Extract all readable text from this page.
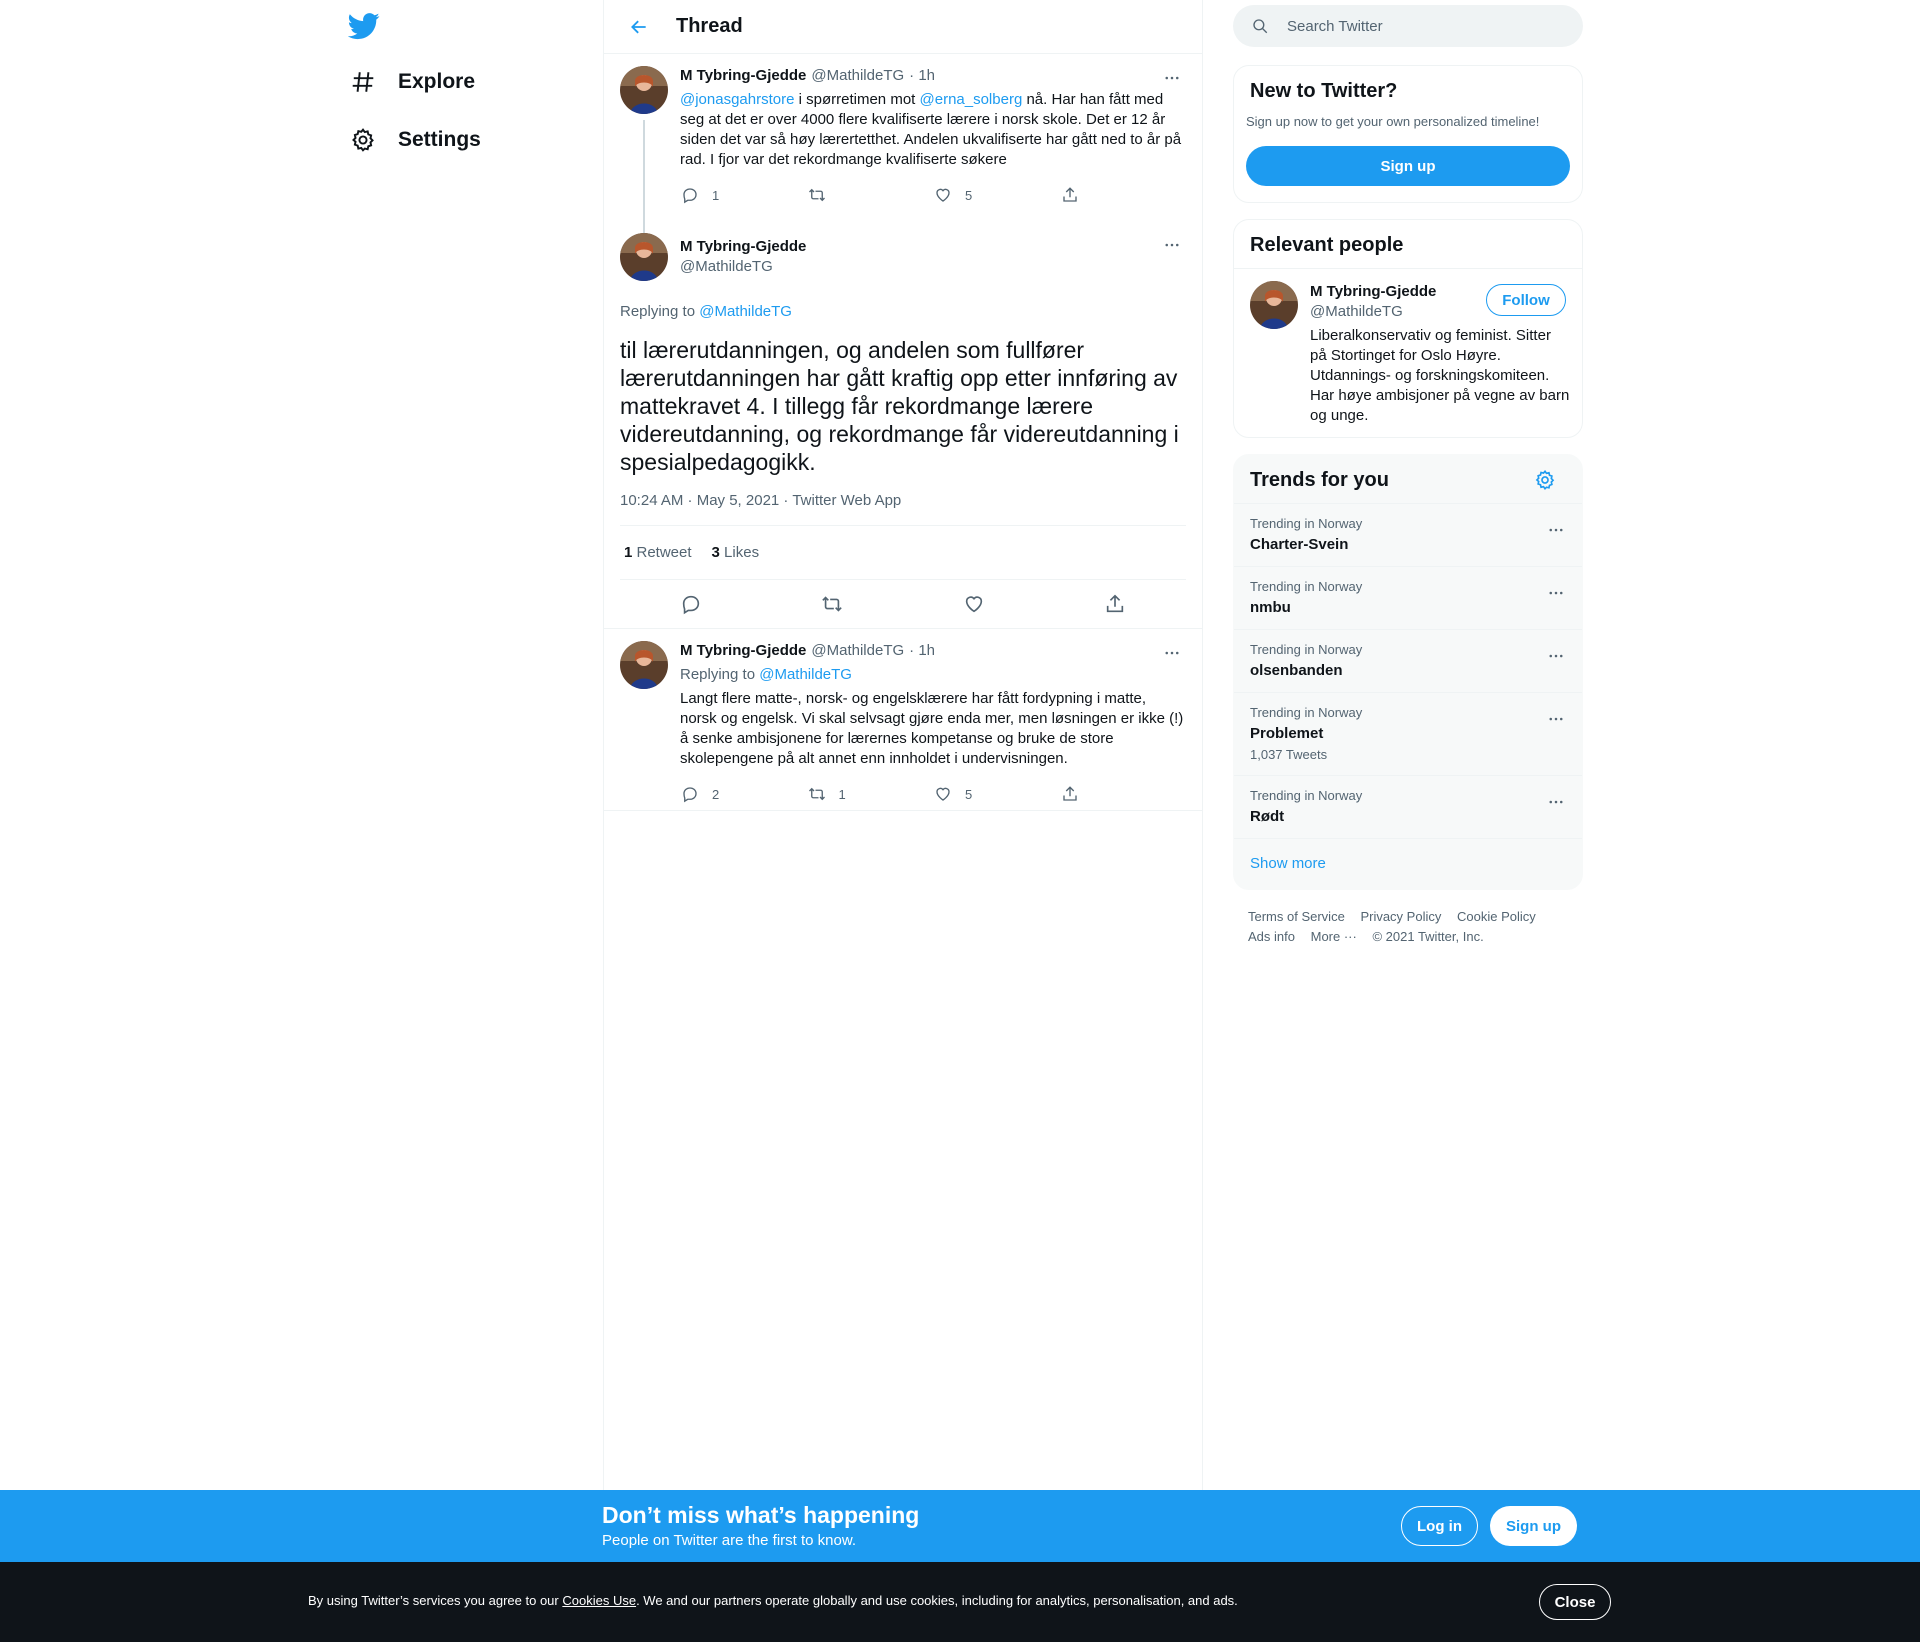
Explore
Settings
Thread
M Tybring-Gjedde @MathildeTG · 1h
@jonasgahrstore i spørretimen mot @erna_solberg nå. Har han fått med seg at det er over 4000 flere kvalifiserte lærere i norsk skole. Det er 12 år siden det var så høy lærertetthet. Andelen ukvalifiserte har gått ned to år på rad. I fjor var det rekordmange kvalifiserte søkere
1	5
M Tybring-Gjedde
@MathildeTG
Replying to @MathildeTG
til lærerutdanningen, og andelen som fullfører lærerutdanningen har gått kraftig opp etter innføring av mattekravet 4. I tillegg får rekordmange lærere videreutdanning, og rekordmange får videreutdanning i spesialpedagogikk.
10:24 AM · May 5, 2021 · Twitter Web App
1 Retweet 3 Likes
M Tybring-Gjedde @MathildeTG · 1h
Replying to @MathildeTG
Langt flere matte-, norsk- og engelsklærere har fått fordypning i matte, norsk og engelsk. Vi skal selvsagt gjøre enda mer, men løsningen er ikke (!) å senke ambisjonene for lærernes kompetanse og bruke de store skolepengene på alt annet enn innholdet i undervisningen.
2	1	5
Search Twitter
New to Twitter?
Sign up now to get your own personalized timeline!
Sign up
Relevant people
M Tybring-Gjedde
@MathildeTG
Follow
Liberalkonservativ og feminist. Sitter på Stortinget for Oslo Høyre. Utdannings- og forskningskomiteen. Har høye ambisjoner på vegne av barn og unge.
Trends for you
Trending in Norway
Charter-Svein
Trending in Norway
nmbu
Trending in Norway
olsenbanden
Trending in Norway
Problemet
1,037 Tweets
Trending in Norway
Rødt
Show more
Terms of Service Privacy Policy Cookie Policy
Ads info More ··· © 2021 Twitter, Inc.
Don’t miss what’s happening
People on Twitter are the first to know.
Log in	Sign up
By using Twitter’s services you agree to our Cookies Use. We and our partners operate globally and use cookies, including for analytics, personalisation, and ads.	Close
